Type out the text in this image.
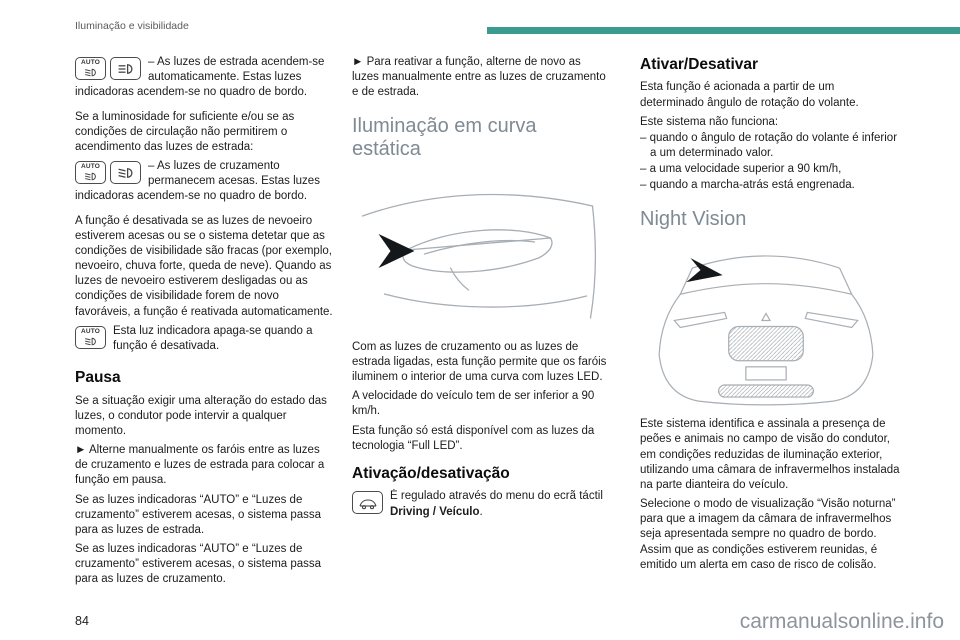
Iluminação e visibilidade
AUTO	– As luzes de estrada acendem-se automaticamente. Estas luzes indicadoras acendem-se no quadro de bordo.

Se a luminosidade for suficiente e/ou se as condições de circulação não permitirem o acendimento das luzes de estrada:

AUTO	– As luzes de cruzamento permanecem acesas. Estas luzes indicadoras acendem-se no quadro de bordo.

A função é desativada se as luzes de nevoeiro estiverem acesas ou se o sistema detetar que as condições de visibilidade são fracas (por exemplo, nevoeiro, chuva forte, queda de neve). Quando as luzes de nevoeiro estiverem desligadas ou as condições de visibilidade forem de novo favoráveis, a função é reativada automaticamente.

AUTO	Esta luz indicadora apaga-se quando a função é desativada.

Pausa

Se a situação exigir uma alteração do estado das luzes, o condutor pode intervir a qualquer momento.

► Alterne manualmente os faróis entre as luzes de cruzamento e luzes de estrada para colocar a função em pausa.

Se as luzes indicadoras “AUTO” e “Luzes de cruzamento” estiverem acesas, o sistema passa para as luzes de estrada.

Se as luzes indicadoras “AUTO” e “Luzes de cruzamento” estiverem acesas, o sistema passa para as luzes de cruzamento.

► Para reativar a função, alterne de novo as luzes manualmente entre as luzes de cruzamento e de estrada.

Iluminação em curva estática

Com as luzes de cruzamento ou as luzes de estrada ligadas, esta função permite que os faróis iluminem o interior de uma curva com luzes LED.

A velocidade do veículo tem de ser inferior a 90 km/h.

Esta função só está disponível com as luzes da tecnologia “Full LED”.

Ativação/desativação

É regulado através do menu do ecrã táctil Driving / Veículo.

Ativar/Desativar

Esta função é acionada a partir de um determinado ângulo de rotação do volante.

Este sistema não funciona:

– quando o ângulo de rotação do volante é inferior a um determinado valor.

– a uma velocidade superior a 90 km/h,

– quando a marcha-atrás está engrenada.

Night Vision

Este sistema identifica e assinala a presença de peões e animais no campo de visão do condutor, em condições reduzidas de iluminação exterior, utilizando uma câmara de infravermelhos instalada na parte dianteira do veículo.

Selecione o modo de visualização “Visão noturna” para que a imagem da câmara de infravermelhos seja apresentada sempre no quadro de bordo. Assim que as condições estiverem reunidas, é emitido um alerta em caso de risco de colisão.

84	carmanualsonline.info
